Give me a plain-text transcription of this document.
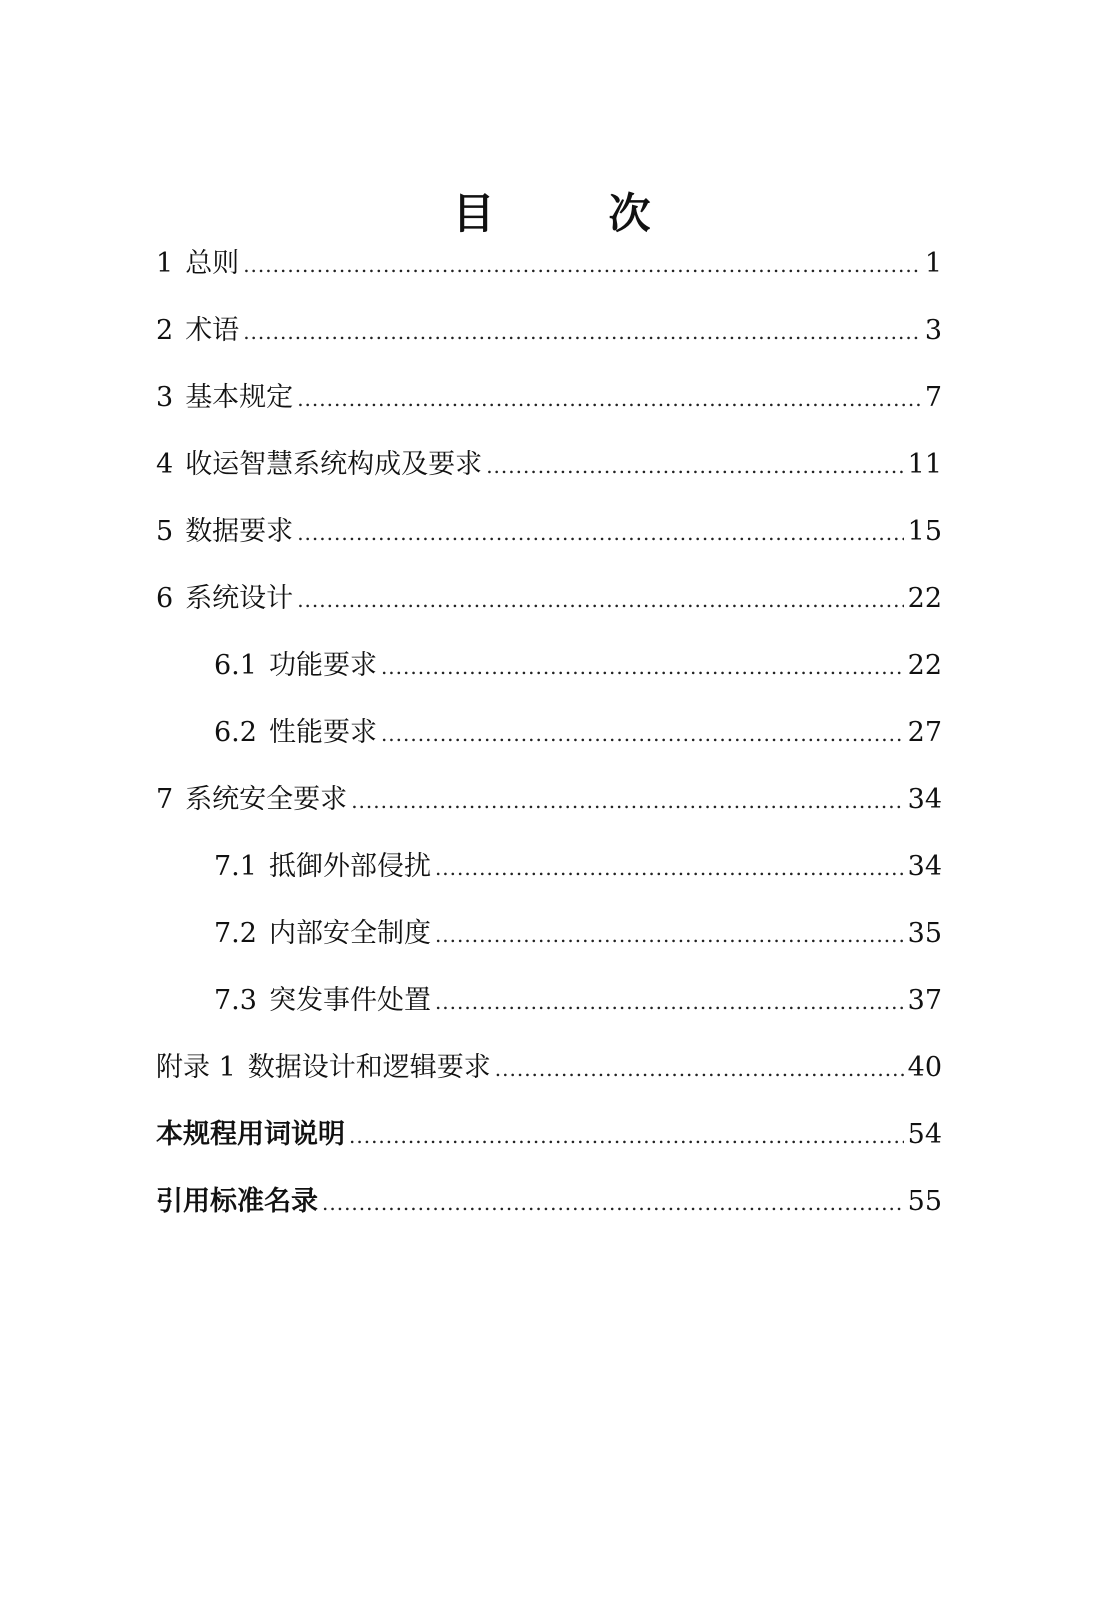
目　次
1 总则 .....	1
2 术语 .....	3
3 基本规定 .....	7
4 收运智慧系统构成及要求 .....	11
5 数据要求 .....	15
6 系统设计 .....	22
6.1 功能要求 .....	22
6.2 性能要求 .....	27
7 系统安全要求 .....	34
7.1 抵御外部侵扰 .....	34
7.2 内部安全制度 .....	35
7.3 突发事件处置 .....	37
附录 1 数据设计和逻辑要求 .....	40
本规程用词说明 .....	54
引用标准名录 .....	55
